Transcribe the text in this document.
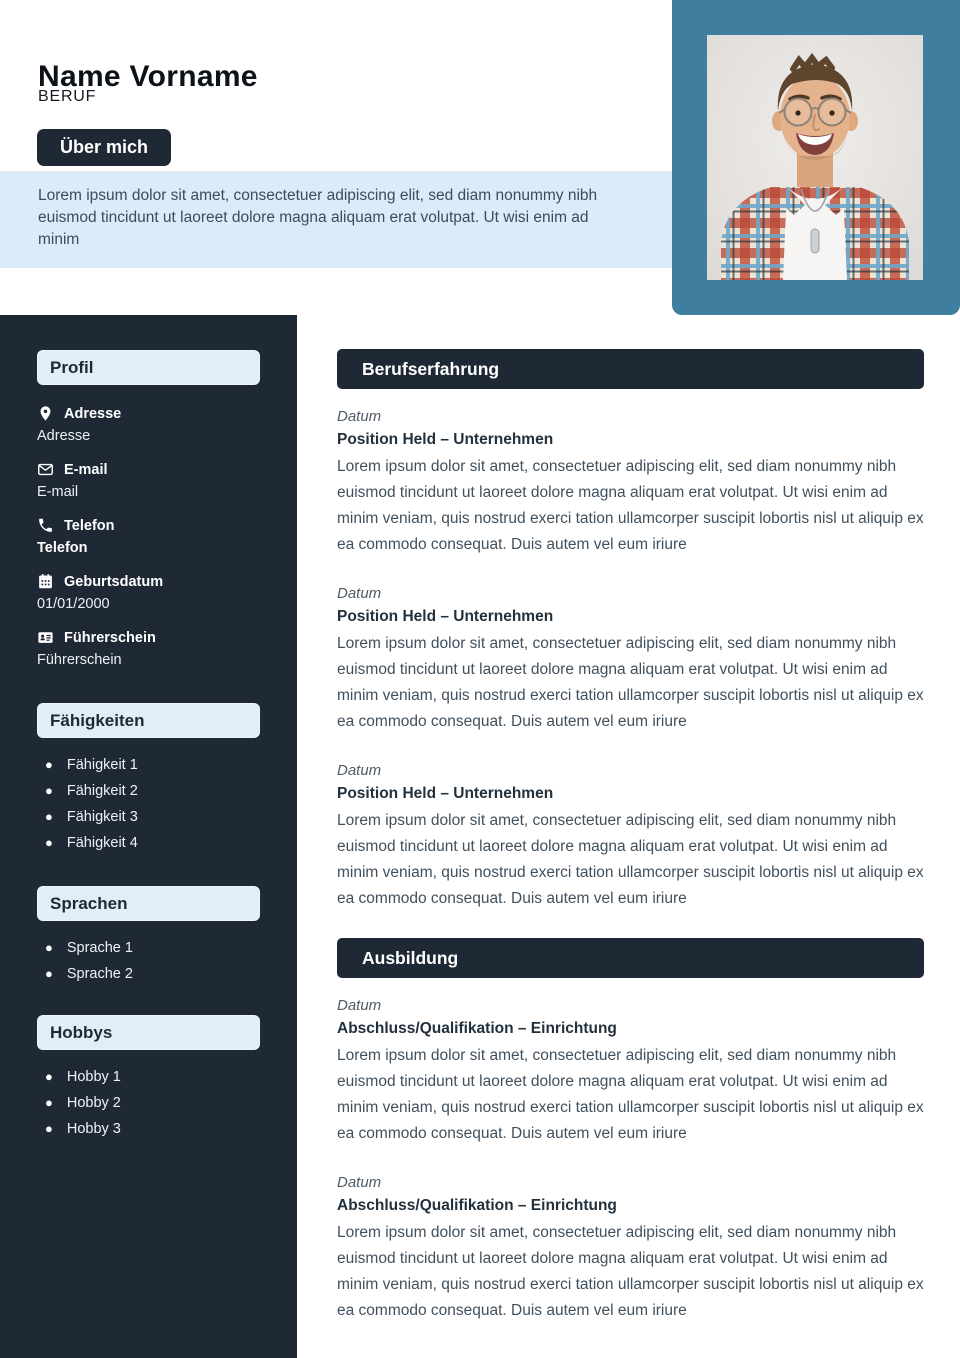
Name Vorname
BERUF
Über mich

Lorem ipsum dolor sit amet, consectetuer adipiscing elit, sed diam nonummy nibh euismod tincidunt ut laoreet dolore magna aliquam erat volutpat. Ut wisi enim ad minim

Profil
Adresse
Adresse
E-mail
E-mail
Telefon
Telefon
Geburtsdatum
01/01/2000
Führerschein
Führerschein
Fähigkeiten
● Fähigkeit 1
● Fähigkeit 2
● Fähigkeit 3
● Fähigkeit 4
Sprachen
● Sprache 1
● Sprache 2
Hobbys
● Hobby 1
● Hobby 2
● Hobby 3
Berufserfahrung
Datum
Position Held – Unternehmen

Lorem ipsum dolor sit amet, consectetuer adipiscing elit, sed diam nonummy nibh euismod tincidunt ut laoreet dolore magna aliquam erat volutpat. Ut wisi enim ad minim veniam, quis nostrud exerci tation ullamcorper suscipit lobortis nisl ut aliquip ex ea commodo consequat. Duis autem vel eum iriure

Datum
Position Held – Unternehmen

Lorem ipsum dolor sit amet, consectetuer adipiscing elit, sed diam nonummy nibh euismod tincidunt ut laoreet dolore magna aliquam erat volutpat. Ut wisi enim ad minim veniam, quis nostrud exerci tation ullamcorper suscipit lobortis nisl ut aliquip ex ea commodo consequat. Duis autem vel eum iriure

Datum
Position Held – Unternehmen

Lorem ipsum dolor sit amet, consectetuer adipiscing elit, sed diam nonummy nibh euismod tincidunt ut laoreet dolore magna aliquam erat volutpat. Ut wisi enim ad minim veniam, quis nostrud exerci tation ullamcorper suscipit lobortis nisl ut aliquip ex ea commodo consequat. Duis autem vel eum iriure

Ausbildung
Datum
Abschluss/Qualifikation – Einrichtung

Lorem ipsum dolor sit amet, consectetuer adipiscing elit, sed diam nonummy nibh euismod tincidunt ut laoreet dolore magna aliquam erat volutpat. Ut wisi enim ad minim veniam, quis nostrud exerci tation ullamcorper suscipit lobortis nisl ut aliquip ex ea commodo consequat. Duis autem vel eum iriure

Datum
Abschluss/Qualifikation – Einrichtung

Lorem ipsum dolor sit amet, consectetuer adipiscing elit, sed diam nonummy nibh euismod tincidunt ut laoreet dolore magna aliquam erat volutpat. Ut wisi enim ad minim veniam, quis nostrud exerci tation ullamcorper suscipit lobortis nisl ut aliquip ex ea commodo consequat. Duis autem vel eum iriure
